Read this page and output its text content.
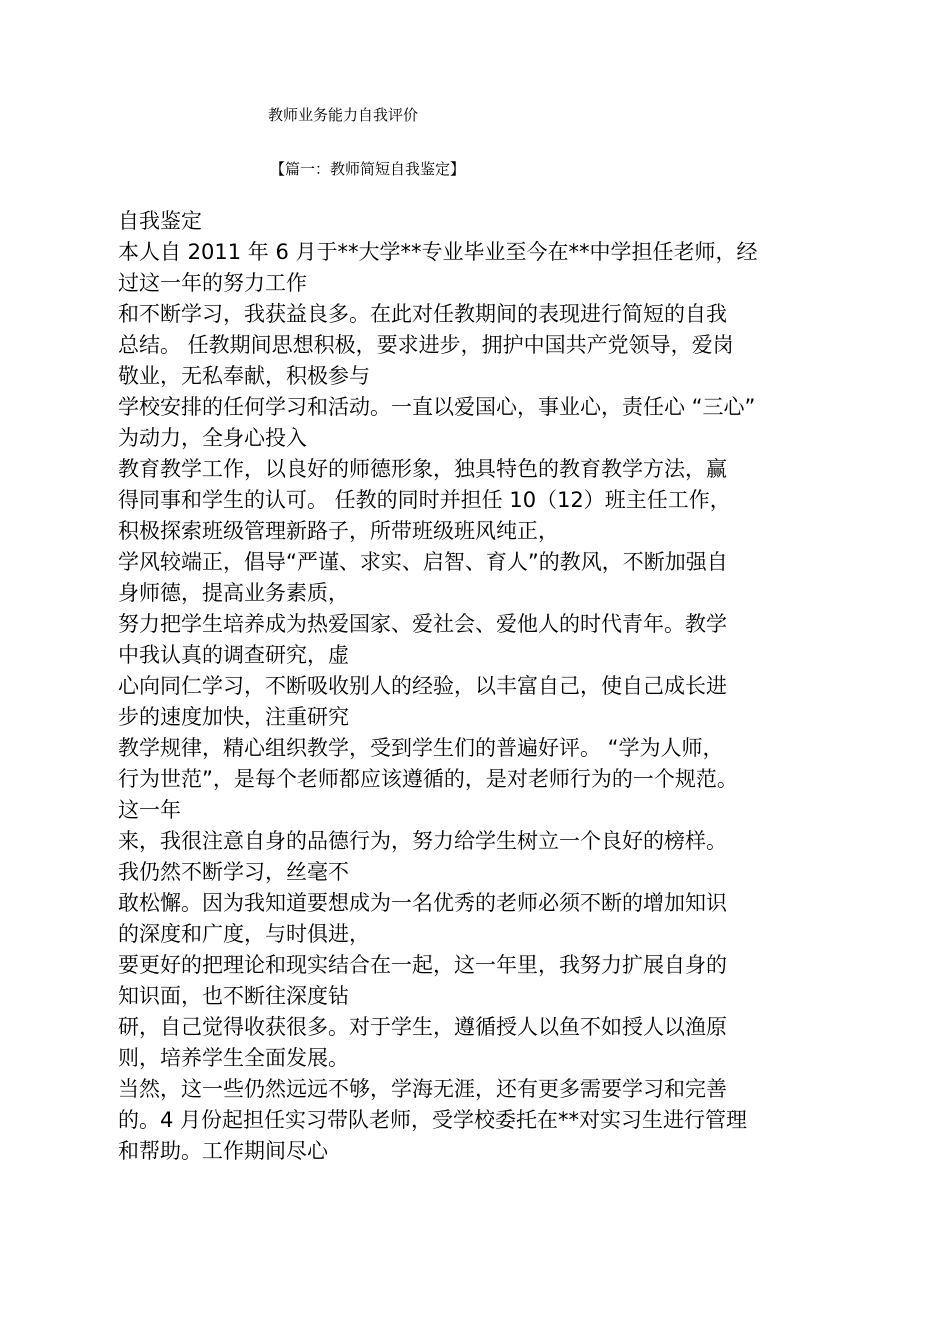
教师业务能力自我评价
【篇一：教师简短自我鉴定】
自我鉴定
本人自 2011 年 6 月于**大学**专业毕业至今在**中学担任老师，经
过这一年的努力工作
和不断学习，我获益良多。在此对任教期间的表现进行简短的自我
总结。 任教期间思想积极，要求进步，拥护中国共产党领导，爱岗
敬业，无私奉献，积极参与
学校安排的任何学习和活动。一直以爱国心，事业心，责任心 “三心”
为动力，全身心投入
教育教学工作，以良好的师德形象，独具特色的教育教学方法，赢
得同事和学生的认可。 任教的同时并担任 10（12）班主任工作，
积极探索班级管理新路子，所带班级班风纯正，
学风较端正，倡导“严谨、求实、启智、育人”的教风，不断加强自
身师德，提高业务素质，
努力把学生培养成为热爱国家、爱社会、爱他人的时代青年。教学
中我认真的调查研究，虚
心向同仁学习，不断吸收别人的经验，以丰富自己，使自己成长进
步的速度加快，注重研究
教学规律，精心组织教学，受到学生们的普遍好评。 “学为人师，
行为世范”，是每个老师都应该遵循的，是对老师行为的一个规范。
这一年
来，我很注意自身的品德行为，努力给学生树立一个良好的榜样。
我仍然不断学习，丝毫不
敢松懈。因为我知道要想成为一名优秀的老师必须不断的增加知识
的深度和广度，与时俱进，
要更好的把理论和现实结合在一起，这一年里，我努力扩展自身的
知识面，也不断往深度钻
研，自己觉得收获很多。对于学生，遵循授人以鱼不如授人以渔原
则，培养学生全面发展。
当然，这一些仍然远远不够，学海无涯，还有更多需要学习和完善
的。4 月份起担任实习带队老师，受学校委托在**对实习生进行管理
和帮助。工作期间尽心
